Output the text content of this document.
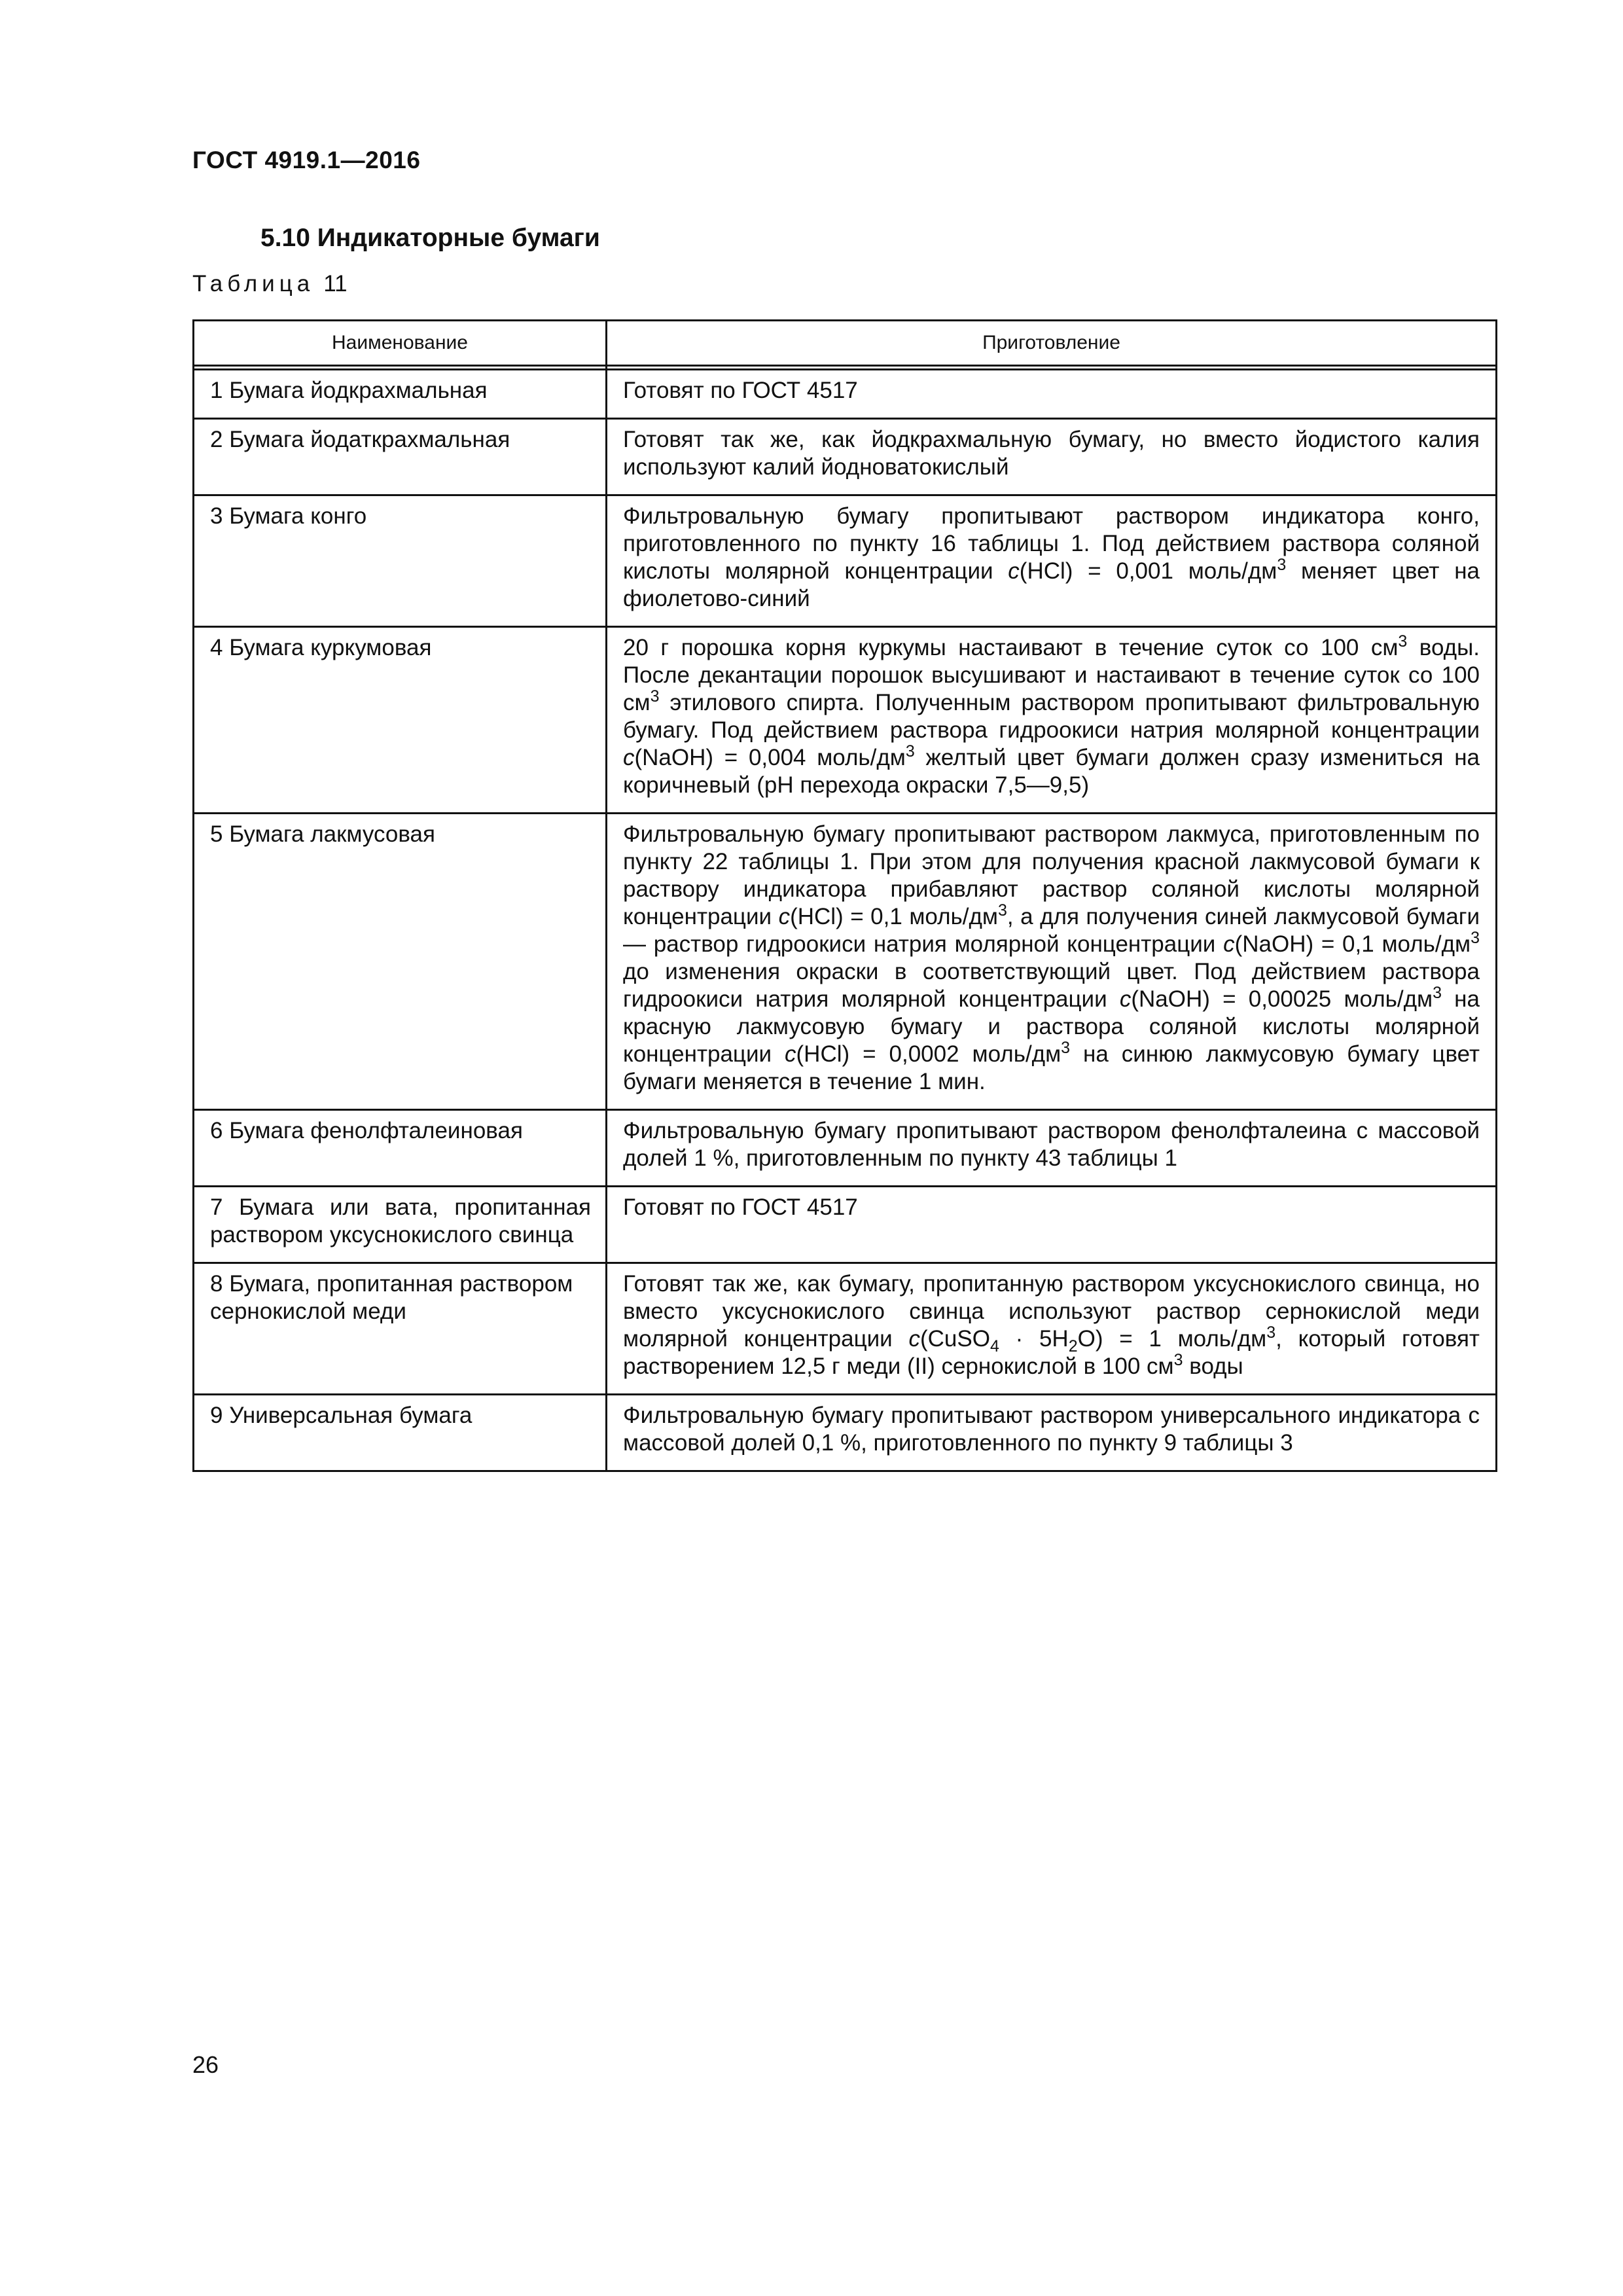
ГОСТ 4919.1—2016
5.10 Индикаторные бумаги
Таблица 11
Наименование	Приготовление

1 Бумага йодкрахмальная	Готовят по ГОСТ 4517
2 Бумага йодаткрахмальная	Готовят так же, как йодкрахмальную бумагу, но вместо йодистого калия используют калий йодноватокислый
3 Бумага конго	Фильтровальную бумагу пропитывают раствором индикатора конго, приготовленного по пункту 16 таблицы 1. Под действием раствора соляной кислоты молярной концентрации c(HCl) = 0,001 моль/$дм^3$ меняет цвет на фиолетово-синий
4 Бумага куркумовая	20 г порошка корня куркумы настаивают в течение суток со 100 $см^3$ воды. После декантации порошок высушивают и настаивают в течение суток со 100 $см^3$ этилового спирта. Полученным раствором пропитывают фильтровальную бумагу. Под действием раствора гидроокиси натрия молярной концентрации c(NaOH) = 0,004 моль/$дм^3$ желтый цвет бумаги должен сразу измениться на коричневый (рН перехода окраски 7,5—9,5)
5 Бумага лакмусовая	Фильтровальную бумагу пропитывают раствором лакмуса, приготовленным по пункту 22 таблицы 1. При этом для получения красной лакмусовой бумаги к раствору индикатора прибавляют раствор соляной кислоты молярной концентрации c(HCl) = 0,1 моль/$дм^3$, а для получения синей лакмусовой бумаги — раствор гидроокиси натрия молярной концентрации c(NaOH) = 0,1 моль/$дм^3$ до изменения окраски в соответствующий цвет. Под действием раствора гидроокиси натрия молярной концентрации c(NaOH) = 0,00025 моль/$дм^3$ на красную лакмусовую бумагу и раствора соляной кислоты молярной концентрации c(HCl) = 0,0002 моль/$дм^3$ на синюю лакмусовую бумагу цвет бумаги меняется в течение 1 мин.
6 Бумага фенолфталеиновая	Фильтровальную бумагу пропитывают раствором фенолфталеина с массовой долей 1 %, приготовленным по пункту 43 таблицы 1
7 Бумага или вата, пропитанная раствором уксуснокислого свинца	Готовят по ГОСТ 4517
8 Бумага, пропитанная раствором сернокислой меди	Готовят так же, как бумагу, пропитанную раствором уксуснокислого свинца, но вместо уксуснокислого свинца используют раствор сернокислой меди молярной концентрации c(CuSO$_4$ · $5H_2O) = 1$ моль/$дм^3$, который готовят растворением 12,5 г меди (II) сернокислой в 100 $см^3$ воды
9 Универсальная бумага	Фильтровальную бумагу пропитывают раствором универсального индикатора с массовой долей 0,1 %, приготовленного по пункту 9 таблицы 3
26
